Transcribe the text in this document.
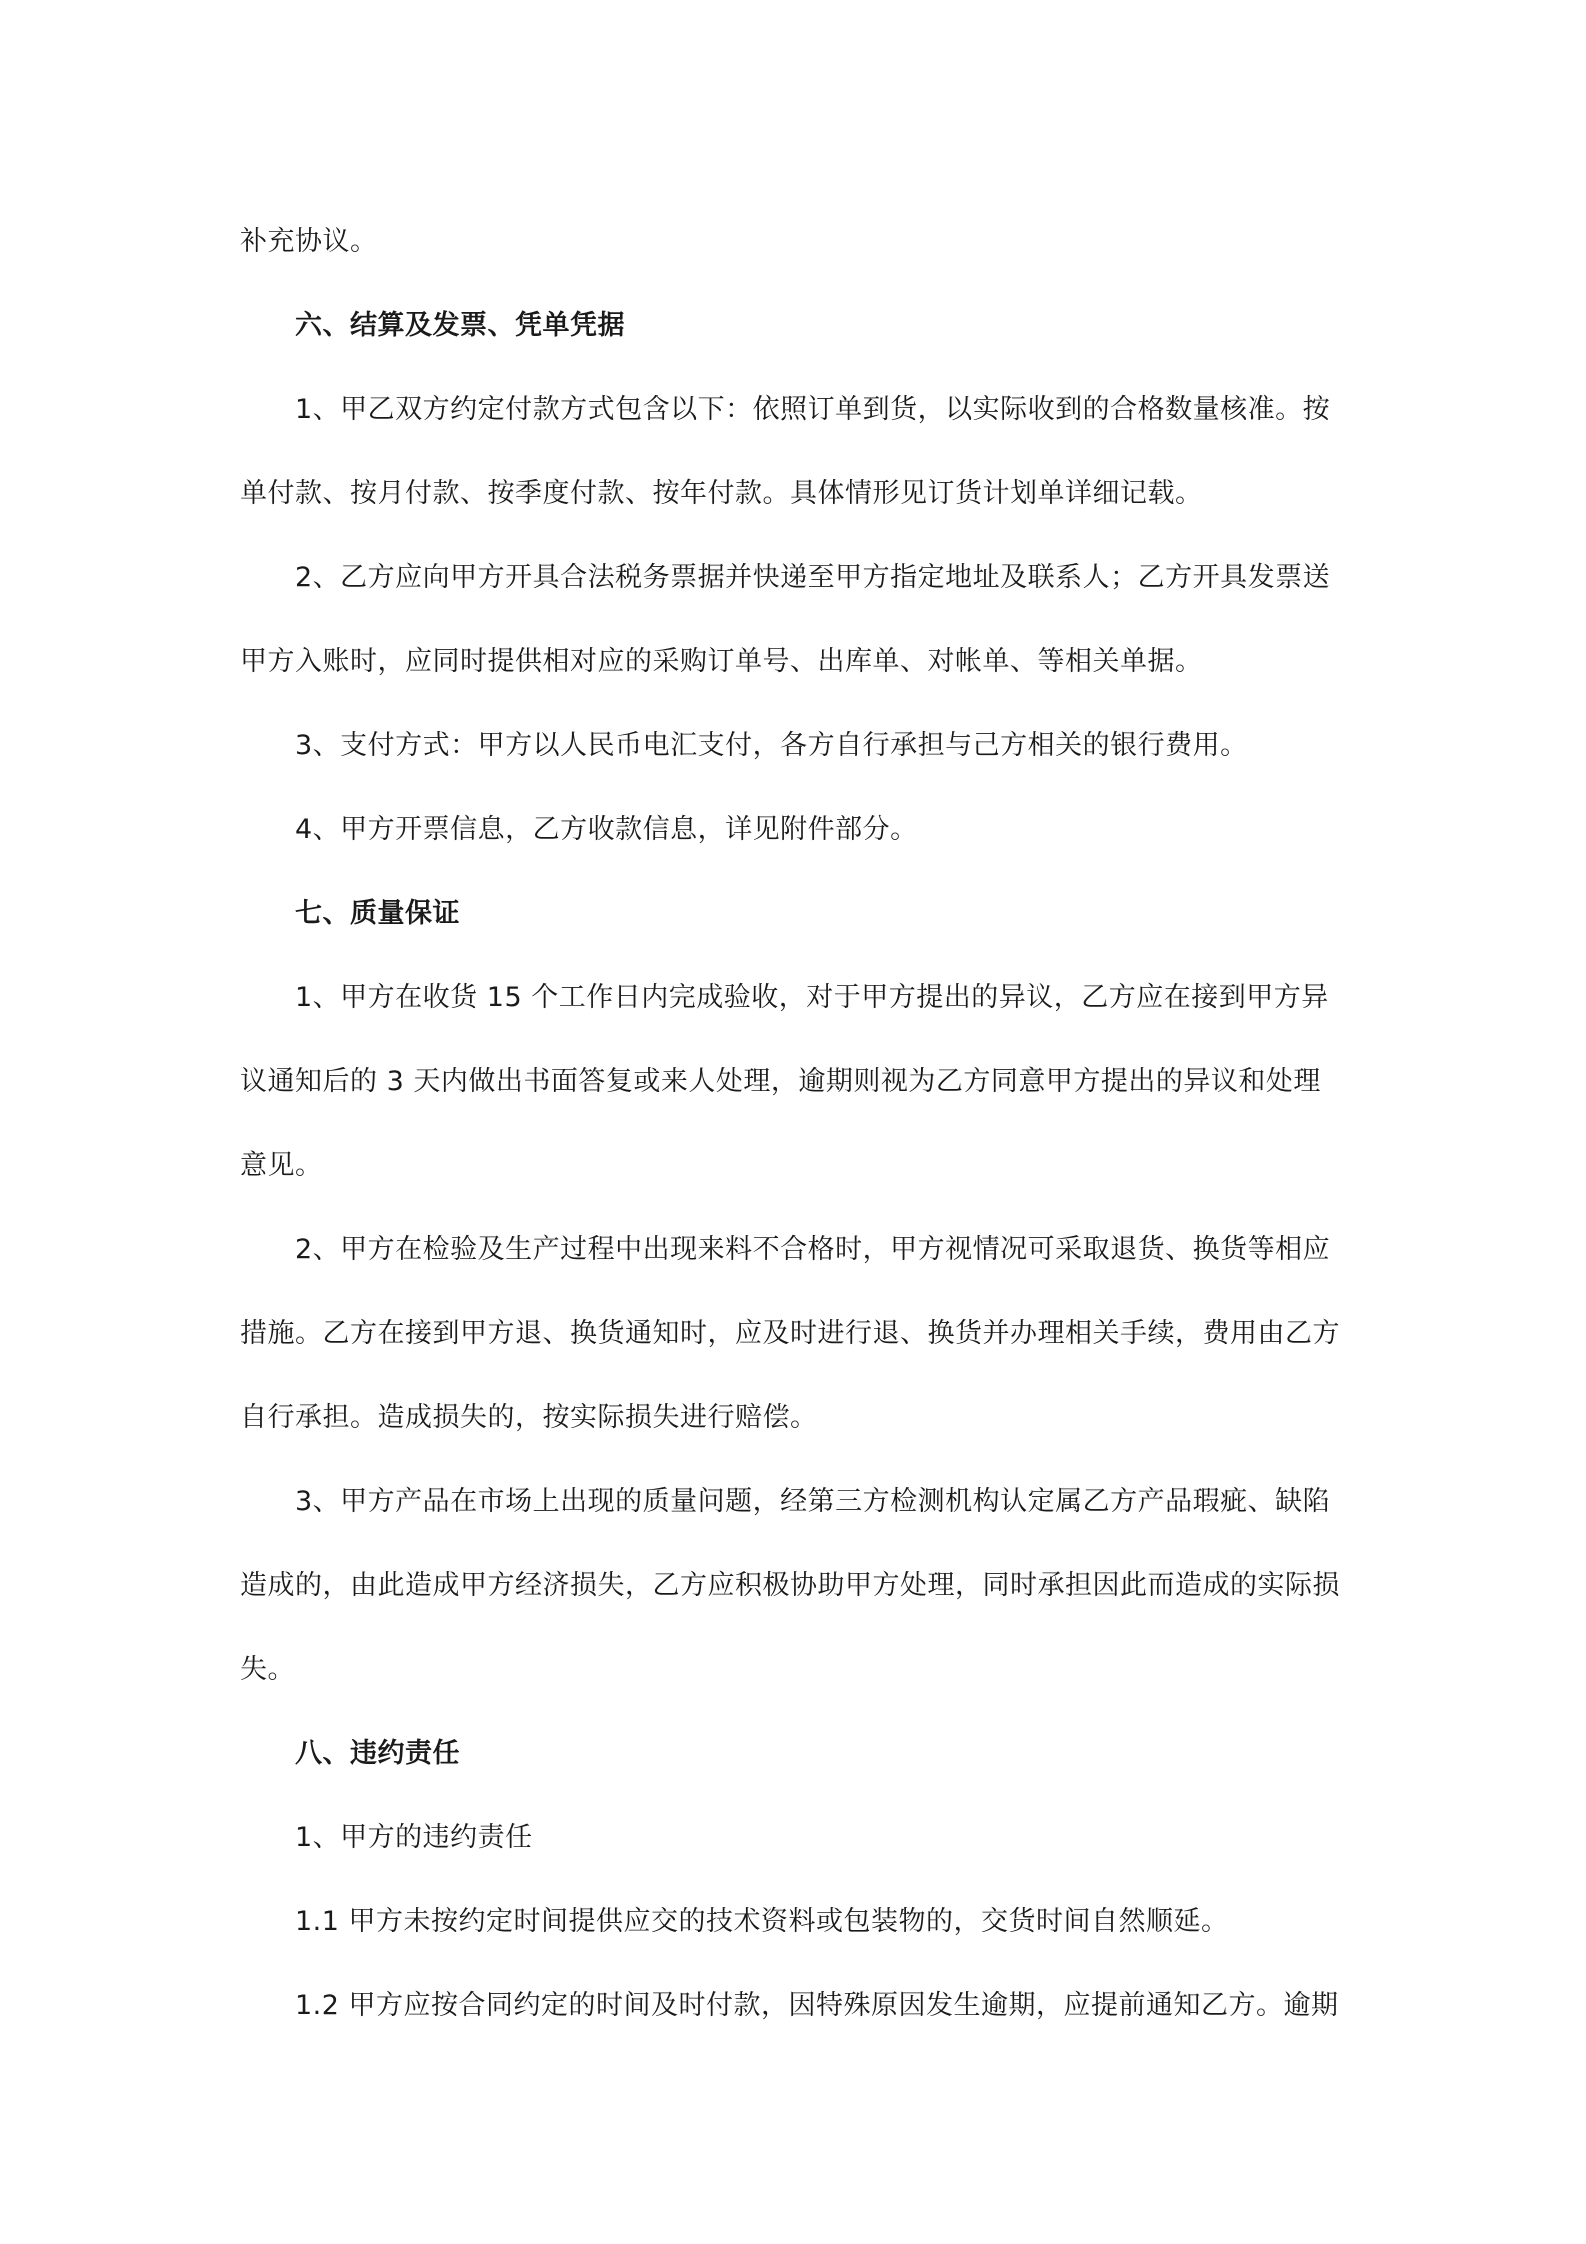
补充协议。
六、结算及发票、凭单凭据
1、甲乙双方约定付款方式包含以下：依照订单到货，以实际收到的合格数量核准。按
单付款、按月付款、按季度付款、按年付款。具体情形见订货计划单详细记载。
2、乙方应向甲方开具合法税务票据并快递至甲方指定地址及联系人；乙方开具发票送
甲方入账时，应同时提供相对应的采购订单号、出库单、对帐单、等相关单据。
3、支付方式：甲方以人民币电汇支付，各方自行承担与己方相关的银行费用。
4、甲方开票信息，乙方收款信息，详见附件部分。
七、质量保证
1、甲方在收货 15 个工作日内完成验收，对于甲方提出的异议，乙方应在接到甲方异
议通知后的 3 天内做出书面答复或来人处理，逾期则视为乙方同意甲方提出的异议和处理
意见。
2、甲方在检验及生产过程中出现来料不合格时，甲方视情况可采取退货、换货等相应
措施。乙方在接到甲方退、换货通知时，应及时进行退、换货并办理相关手续，费用由乙方
自行承担。造成损失的，按实际损失进行赔偿。
3、甲方产品在市场上出现的质量问题，经第三方检测机构认定属乙方产品瑕疵、缺陷
造成的，由此造成甲方经济损失，乙方应积极协助甲方处理，同时承担因此而造成的实际损
失。
八、违约责任
1、甲方的违约责任
1.1 甲方未按约定时间提供应交的技术资料或包装物的，交货时间自然顺延。
1.2 甲方应按合同约定的时间及时付款，因特殊原因发生逾期，应提前通知乙方。逾期
